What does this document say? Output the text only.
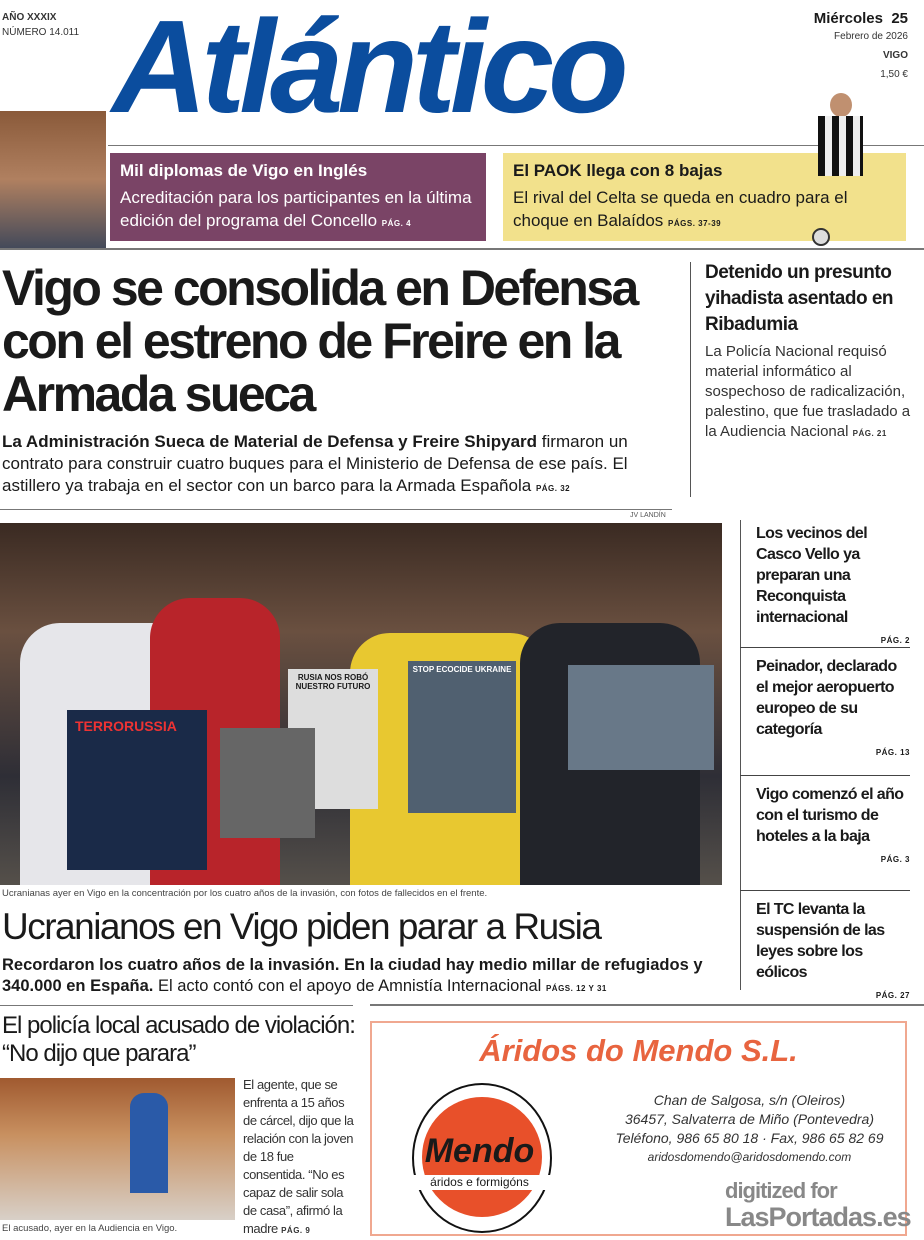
AÑO XXXIX
NÚMERO 14.011 Atlántico	Miércoles 25
Febrero de 2026
VIGO
1,50 €
Mil diplomas de Vigo en Inglés
Acreditación para los participantes en la última edición del programa del Concello PÁG. 4
El PAOK llega con 8 bajas
El rival del Celta se queda en cuadro para el choque en Balaídos PÁGS. 37-39
Vigo se consolida en Defensa con el estreno de Freire en la Armada sueca
La Administración Sueca de Material de Defensa y Freire Shipyard firmaron un contrato para construir cuatro buques para el Ministerio de Defensa de ese país. El astillero ya trabaja en el sector con un barco para la Armada Española PÁG. 32
Detenido un presunto yihadista asentado en Ribadumia
La Policía Nacional requisó material informático al sospechoso de radicalización, palestino, que fue trasladado a la Audiencia Nacional PÁG. 21
JV LANDÍN
TERRORUSSIA
RUSIA NOS ROBÓ NUESTRO FUTURO
STOP ECOCIDE UKRAINE
Ucranianas ayer en Vigo en la concentración por los cuatro años de la invasión, con fotos de fallecidos en el frente.
Los vecinos del Casco Vello ya preparan una Reconquista internacional
PÁG. 2
Peinador, declarado el mejor aeropuerto europeo de su categoría
PÁG. 13
Vigo comenzó el año con el turismo de hoteles a la baja
PÁG. 3
El TC levanta la suspensión de las leyes sobre los eólicos
PÁG. 27
Ucranianos en Vigo piden parar a Rusia
Recordaron los cuatro años de la invasión. En la ciudad hay medio millar de refugiados y 340.000 en España. El acto contó con el apoyo de Amnistía Internacional PÁGS. 12 Y 31
El policía local acusado de violación: “No dijo que parara”
El acusado, ayer en la Audiencia en Vigo.
El agente, que se enfrenta a 15 años de cárcel, dijo que la relación con la joven de 18 fue consentida. “No es capaz de salir sola de casa”, afirmó la madre PÁG. 9
Áridos do Mendo S.L.
Mendo
áridos e formigóns
Chan de Salgosa, s/n (Oleiros)
36457, Salvaterra de Miño (Pontevedra)
Teléfono, 986 65 80 18 · Fax, 986 65 82 69
aridosdomendo@aridosdomendo.com
digitized for
LasPortadas.es
